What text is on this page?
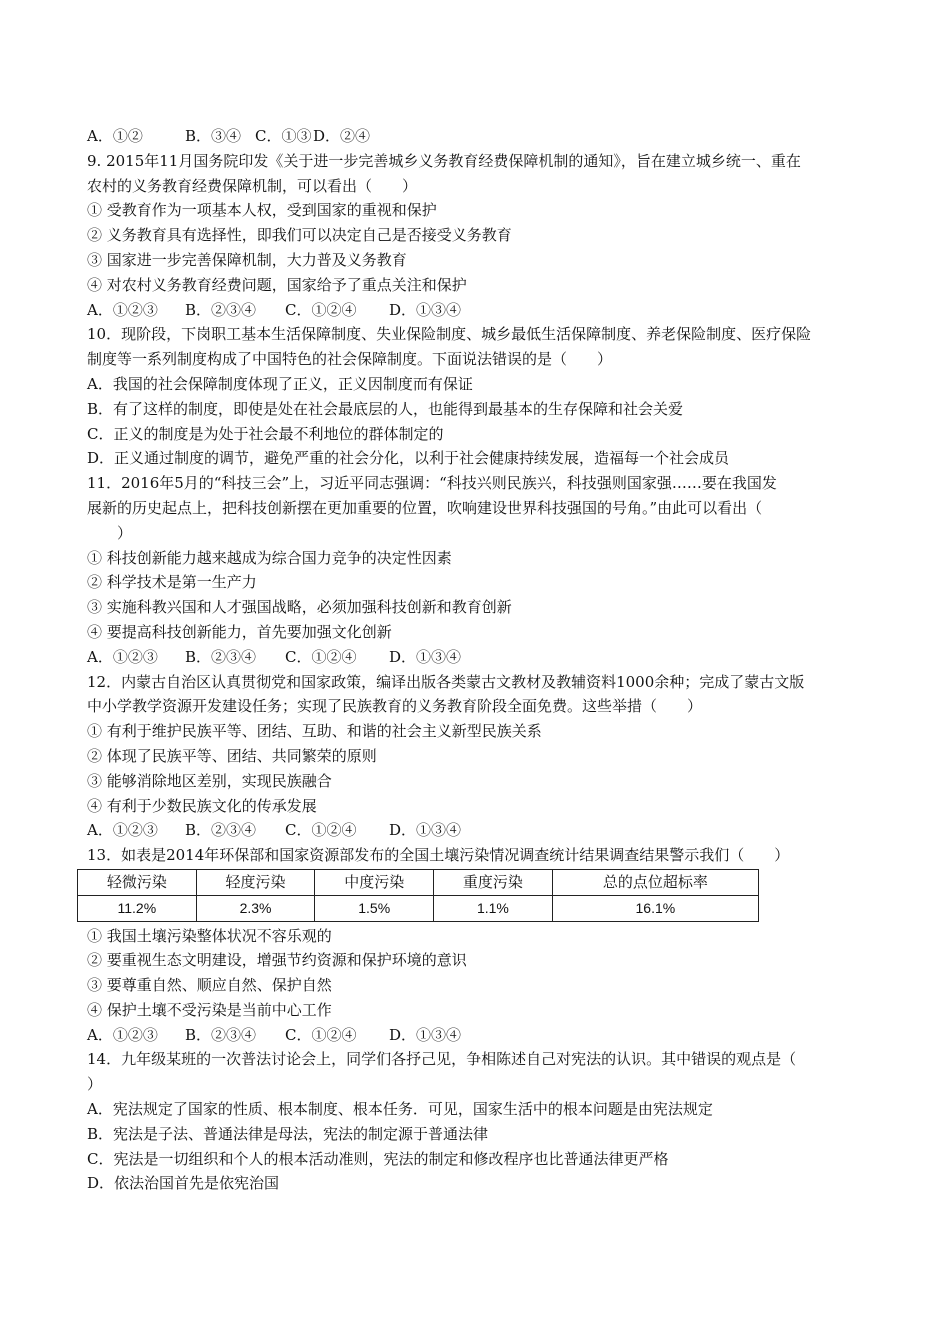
A．①②	B．③④ C．①③ D．②④
9. 2015年11月国务院印发《关于进一步完善城乡义务教育经费保障机制的通知》，旨在建立城乡统一、重在
农村的义务教育经费保障机制，可以看出（　　）
① 受教育作为一项基本人权，受到国家的重视和保护
② 义务教育具有选择性，即我们可以决定自己是否接受义务教育
③ 国家进一步完善保障机制，大力普及义务教育
④ 对农村义务教育经费问题，国家给予了重点关注和保护
A．①②③ B．②③④ C．①②④ D．①③④
10．现阶段，下岗职工基本生活保障制度、失业保险制度、城乡最低生活保障制度、养老保险制度、医疗保险
制度等一系列制度构成了中国特色的社会保障制度。下面说法错误的是（　　）
A．我国的社会保障制度体现了正义，正义因制度而有保证
B．有了这样的制度，即使是处在社会最底层的人，也能得到最基本的生存保障和社会关爱
C．正义的制度是为处于社会最不利地位的群体制定的
D．正义通过制度的调节，避免严重的社会分化，以利于社会健康持续发展，造福每一个社会成员
11．2016年5月的“科技三会”上，习近平同志强调：“科技兴则民族兴，科技强则国家强……要在我国发
展新的历史起点上，把科技创新摆在更加重要的位置，吹响建设世界科技强国的号角。”由此可以看出（
　　）
① 科技创新能力越来越成为综合国力竞争的决定性因素
② 科学技术是第一生产力
③ 实施科教兴国和人才强国战略，必须加强科技创新和教育创新
④ 要提高科技创新能力，首先要加强文化创新
A．①②③ B．②③④ C．①②④ D．①③④
12．内蒙古自治区认真贯彻党和国家政策，编译出版各类蒙古文教材及教辅资料1000余种；完成了蒙古文版
中小学教学资源开发建设任务；实现了民族教育的义务教育阶段全面免费。这些举措（　　）
① 有利于维护民族平等、团结、互助、和谐的社会主义新型民族关系
② 体现了民族平等、团结、共同繁荣的原则
③ 能够消除地区差别，实现民族融合
④ 有利于少数民族文化的传承发展
A．①②③ B．②③④ C．①②④ D．①③④
13．如表是2014年环保部和国家资源部发布的全国土壤污染情况调查统计结果调查结果警示我们（　　）
轻微污染	轻度污染	中度污染	重度污染	总的点位超标率
11.2%	2.3%	1.5%	1.1%	16.1%
① 我国土壤污染整体状况不容乐观的
② 要重视生态文明建设，增强节约资源和保护环境的意识
③ 要尊重自然、顺应自然、保护自然
④ 保护土壤不受污染是当前中心工作
A．①②③ B．②③④ C．①②④ D．①③④
14．九年级某班的一次普法讨论会上，同学们各抒己见，争相陈述自己对宪法的认识。其中错误的观点是（
）
A．宪法规定了国家的性质、根本制度、根本任务．可见，国家生活中的根本问题是由宪法规定
B．宪法是子法、普通法律是母法，宪法的制定源于普通法律
C．宪法是一切组织和个人的根本活动准则，宪法的制定和修改程序也比普通法律更严格
D．依法治国首先是依宪治国
